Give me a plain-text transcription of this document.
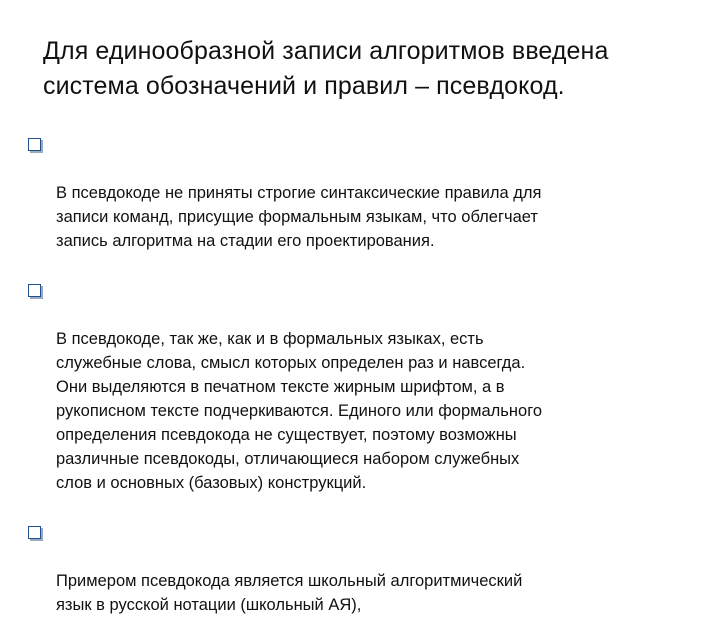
Для единообразной записи алгоритмов введена
система обозначений и правил – псевдокод.

В псевдокоде не приняты строгие синтаксические правила для
записи команд, присущие формальным языкам, что облегчает
запись алгоритма на стадии его проектирования.

В псевдокоде, так же, как и в формальных языках, есть
служебные слова, смысл которых определен раз и навсегда.
Они выделяются в печатном тексте жирным шрифтом, а в
рукописном тексте подчеркиваются. Единого или формального
определения псевдокода не существует, поэтому возможны
различные псевдокоды, отличающиеся набором служебных
слов и основных (базовых) конструкций.

Примером псевдокода является школьный алгоритмический
язык в русской нотации (школьный АЯ),
